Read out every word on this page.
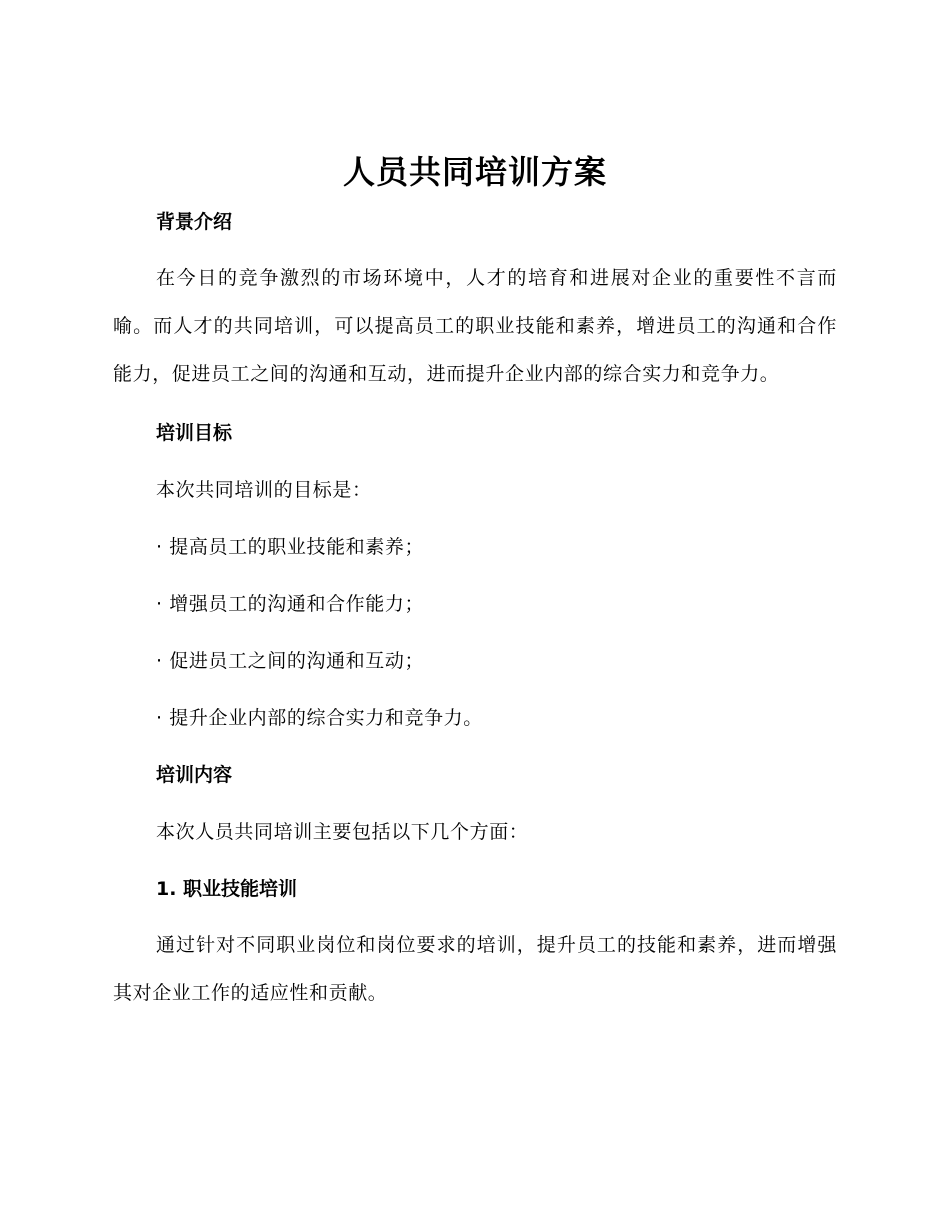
人员共同培训方案
背景介绍

在今日的竞争激烈的市场环境中，人才的培育和进展对企业的重要性不言而喻。而人才的共同培训，可以提高员工的职业技能和素养，增进员工的沟通和合作能力，促进员工之间的沟通和互动，进而提升企业内部的综合实力和竞争力。

培训目标
本次共同培训的目标是：
· 提高员工的职业技能和素养；
· 增强员工的沟通和合作能力；
· 促进员工之间的沟通和互动；
· 提升企业内部的综合实力和竞争力。
培训内容
本次人员共同培训主要包括以下几个方面：
1. 职业技能培训

通过针对不同职业岗位和岗位要求的培训，提升员工的技能和素养，进而增强其对企业工作的适应性和贡献。
